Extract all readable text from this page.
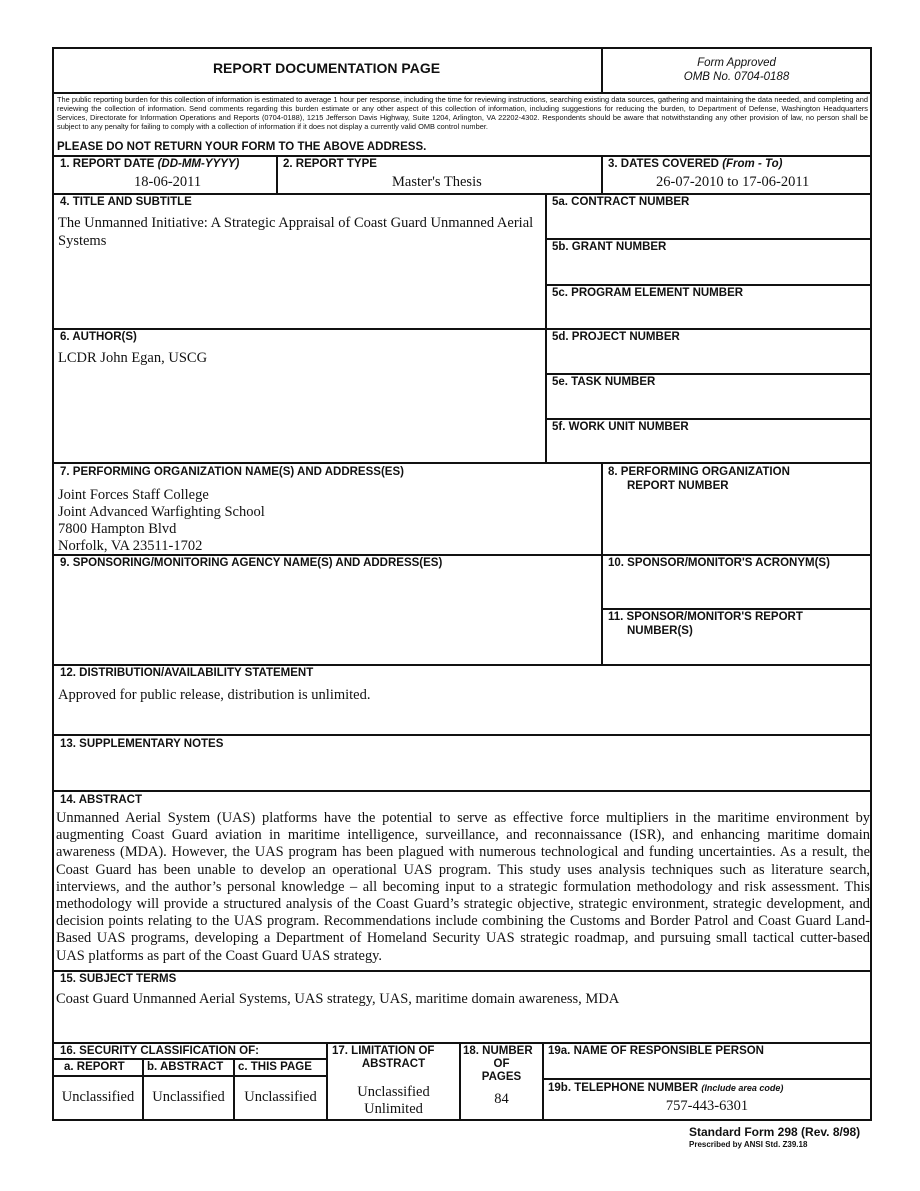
REPORT DOCUMENTATION PAGE	Form Approved
OMB No. 0704-0188
The public reporting burden for this collection of information is estimated to average 1 hour per response, including the time for reviewing instructions, searching existing data sources, gathering and maintaining the data needed, and completing and reviewing the collection of information. Send comments regarding this burden estimate or any other aspect of this collection of information, including suggestions for reducing the burden, to Department of Defense, Washington Headquarters Services, Directorate for Information Operations and Reports (0704-0188), 1215 Jefferson Davis Highway, Suite 1204, Arlington, VA 22202-4302. Respondents should be aware that notwithstanding any other provision of law, no person shall be subject to any penalty for failing to comply with a collection of information if it does not display a currently valid OMB control number.
PLEASE DO NOT RETURN YOUR FORM TO THE ABOVE ADDRESS.
1. REPORT DATE (DD-MM-YYYY)
18-06-2011
2. REPORT TYPE
Master's Thesis
3. DATES COVERED (From - To)
26-07-2010 to 17-06-2011
4. TITLE AND SUBTITLE
The Unmanned Initiative: A Strategic Appraisal of Coast Guard Unmanned Aerial Systems
5a. CONTRACT NUMBER
5b. GRANT NUMBER
5c. PROGRAM ELEMENT NUMBER
6. AUTHOR(S)
LCDR John Egan, USCG
5d. PROJECT NUMBER
5e. TASK NUMBER
5f. WORK UNIT NUMBER
7. PERFORMING ORGANIZATION NAME(S) AND ADDRESS(ES)
Joint Forces Staff College
Joint Advanced Warfighting School
7800 Hampton Blvd
Norfolk, VA 23511-1702
8. PERFORMING ORGANIZATION
REPORT NUMBER
9. SPONSORING/MONITORING AGENCY NAME(S) AND ADDRESS(ES)	10. SPONSOR/MONITOR'S ACRONYM(S)
11. SPONSOR/MONITOR'S REPORT
NUMBER(S)
12. DISTRIBUTION/AVAILABILITY STATEMENT
Approved for public release, distribution is unlimited.
13. SUPPLEMENTARY NOTES
14. ABSTRACT
Unmanned Aerial System (UAS) platforms have the potential to serve as effective force multipliers in the maritime environment by augmenting Coast Guard aviation in maritime intelligence, surveillance, and reconnaissance (ISR), and enhancing maritime domain awareness (MDA). However, the UAS program has been plagued with numerous technological and funding uncertainties. As a result, the Coast Guard has been unable to develop an operational UAS program. This study uses analysis techniques such as literature search, interviews, and the author’s personal knowledge – all becoming input to a strategic formulation methodology and risk assessment. This methodology will provide a structured analysis of the Coast Guard’s strategic objective, strategic environment, strategic development, and decision points relating to the UAS program. Recommendations include combining the Customs and Border Patrol and Coast Guard Land-Based UAS programs, developing a Department of Homeland Security UAS strategic roadmap, and pursuing small tactical cutter-based UAS platforms as part of the Coast Guard UAS strategy.
15. SUBJECT TERMS
Coast Guard Unmanned Aerial Systems, UAS strategy, UAS, maritime domain awareness, MDA
16. SECURITY CLASSIFICATION OF:
a. REPORT b. ABSTRACT c. THIS PAGE
Unclassified	Unclassified	Unclassified
17. LIMITATION OF
ABSTRACT
Unclassified
Unlimited
18. NUMBER
OF
PAGES
84
19a. NAME OF RESPONSIBLE PERSON
19b. TELEPHONE NUMBER (Include area code)
757-443-6301
Standard Form 298 (Rev. 8/98)
Prescribed by ANSI Std. Z39.18
